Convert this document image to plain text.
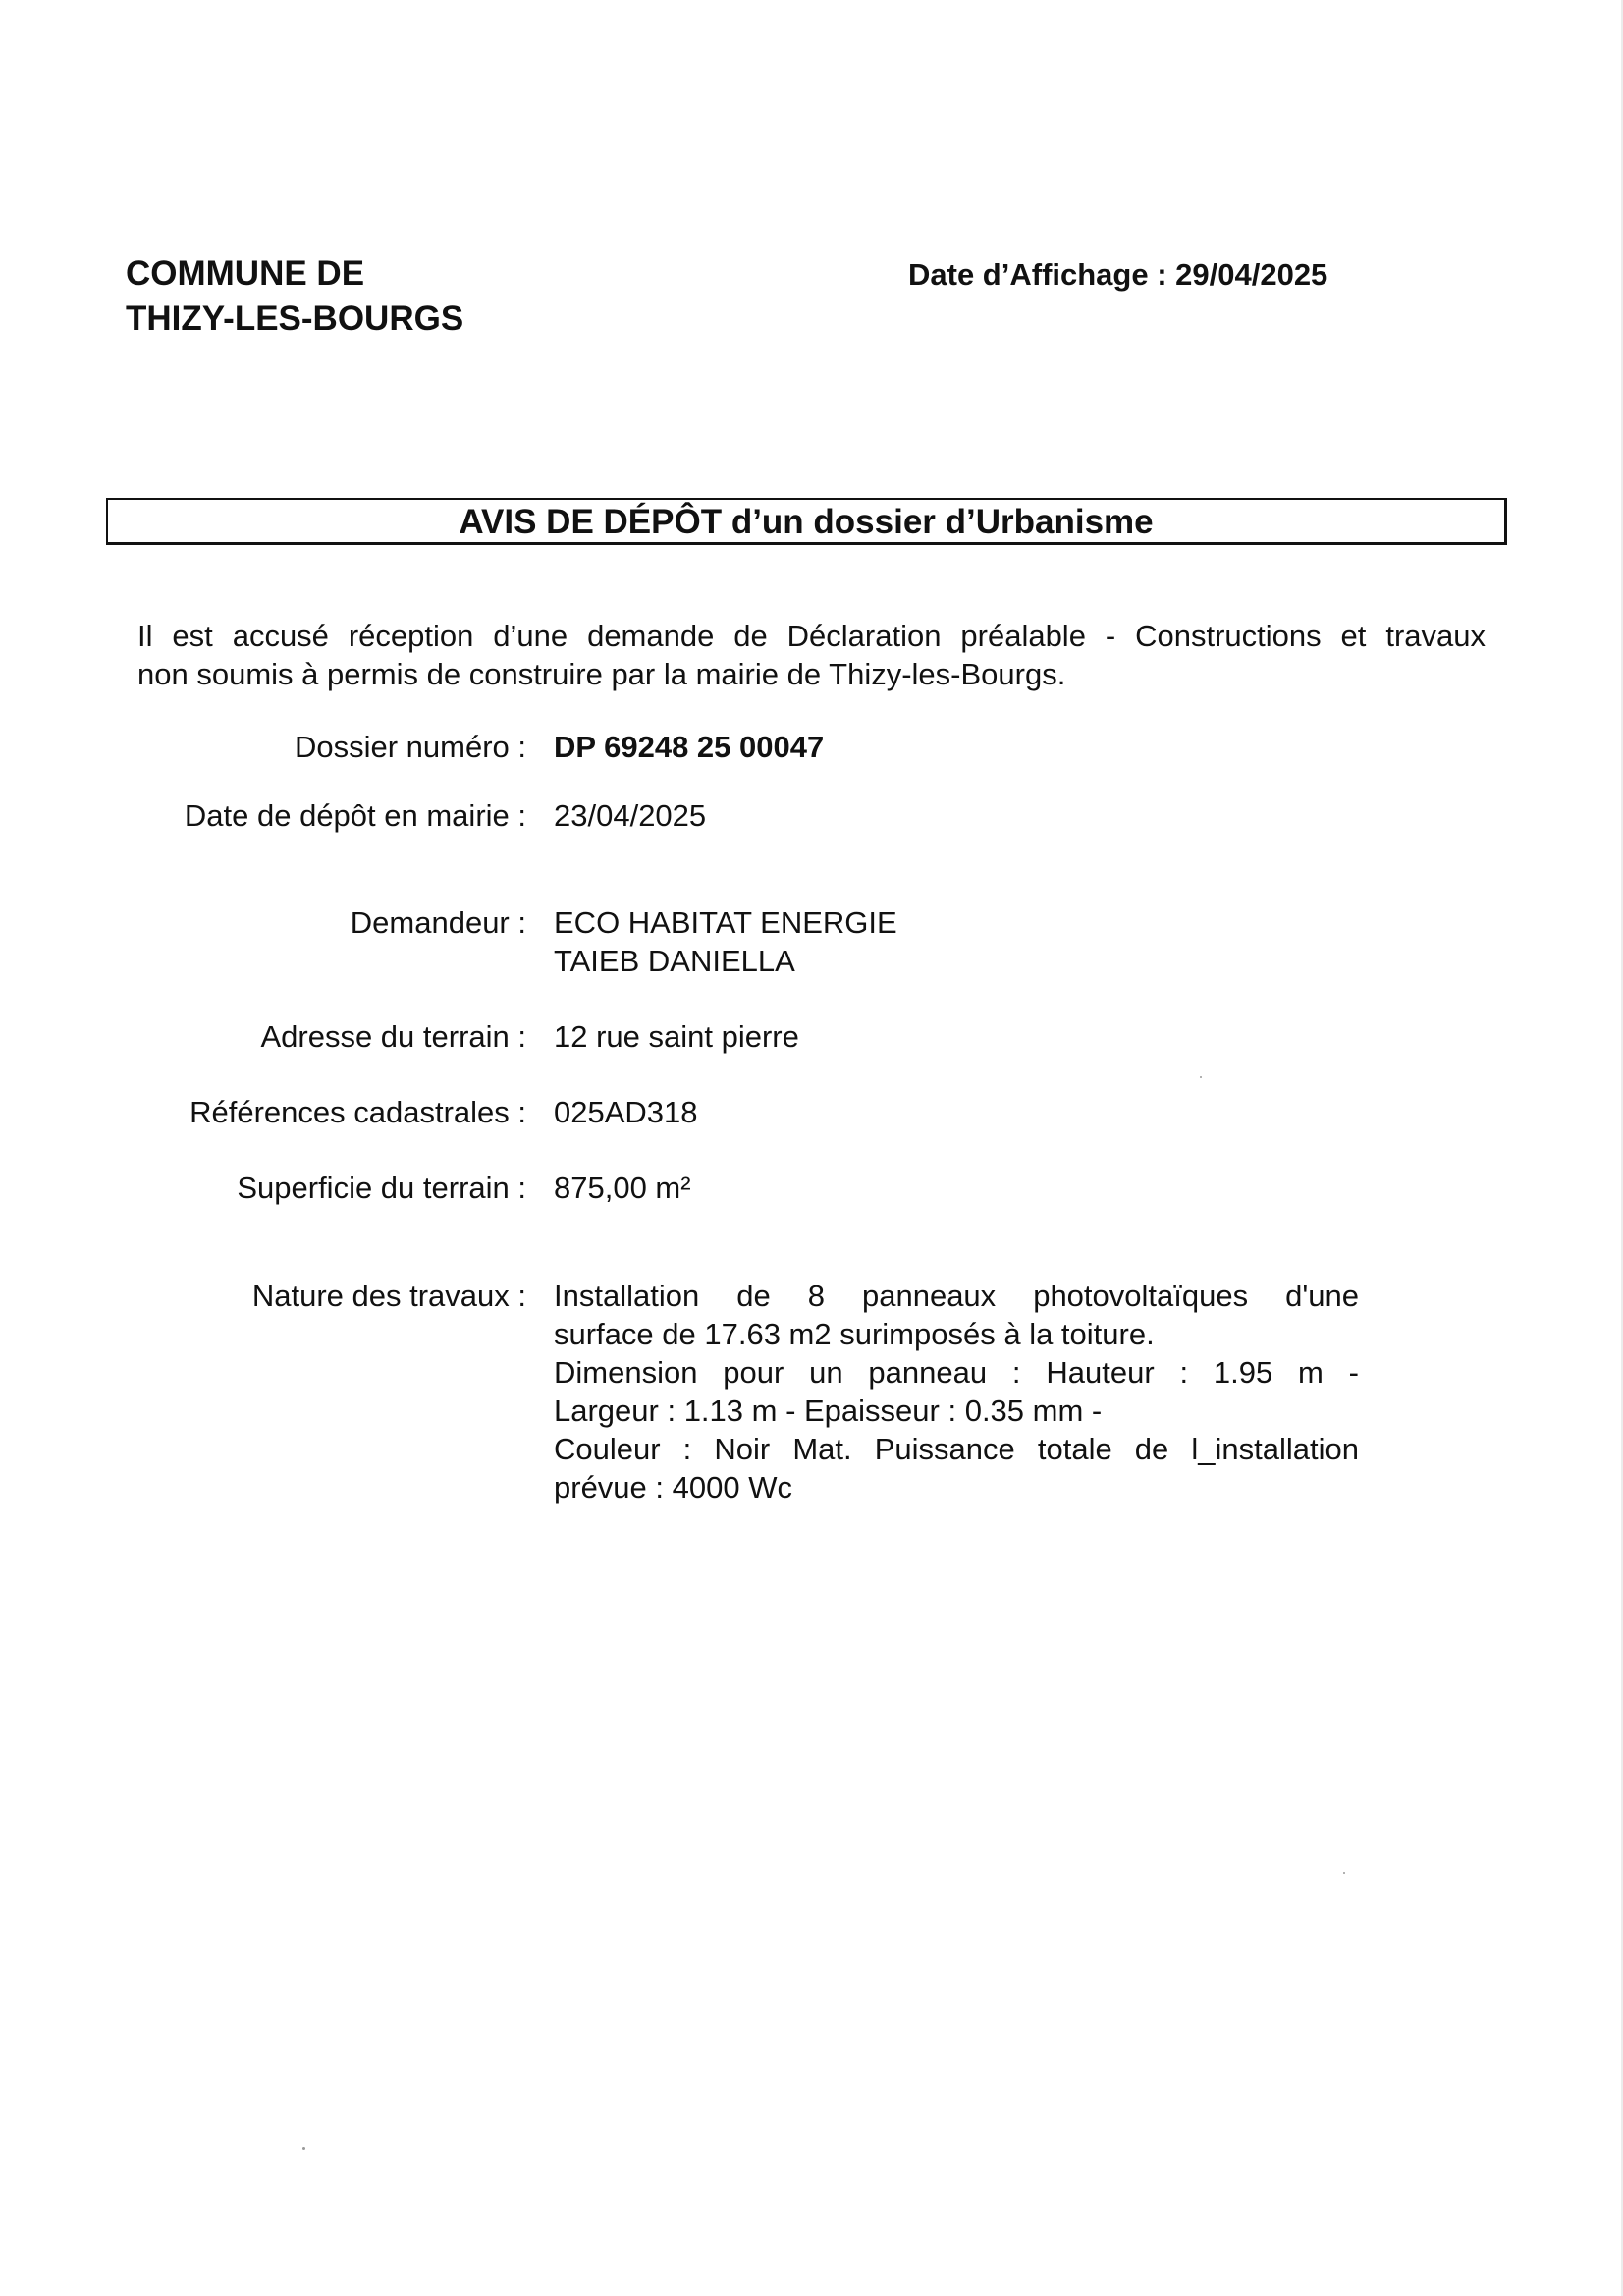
COMMUNE DE
THIZY-LES-BOURGS
Date d’Affichage : 29/04/2025
AVIS DE DÉPÔT d’un dossier d’Urbanisme
Il est accusé réception d’une demande de Déclaration préalable - Constructions et travaux
non soumis à permis de construire par la mairie de Thizy-les-Bourgs.
Dossier numéro : DP 69248 25 00047
Date de dépôt en mairie : 23/04/2025
Demandeur : ECO HABITAT ENERGIE
TAIEB DANIELLA
Adresse du terrain : 12 rue saint pierre
Références cadastrales : 025AD318
Superficie du terrain : 875,00 m²
Nature des travaux : Installation de 8 panneaux photovoltaïques d'une
surface de 17.63 m2 surimposés à la toiture.
Dimension pour un panneau : Hauteur : 1.95 m -
Largeur : 1.13 m - Epaisseur : 0.35 mm -
Couleur : Noir Mat. Puissance totale de l_installation
prévue : 4000 Wc
